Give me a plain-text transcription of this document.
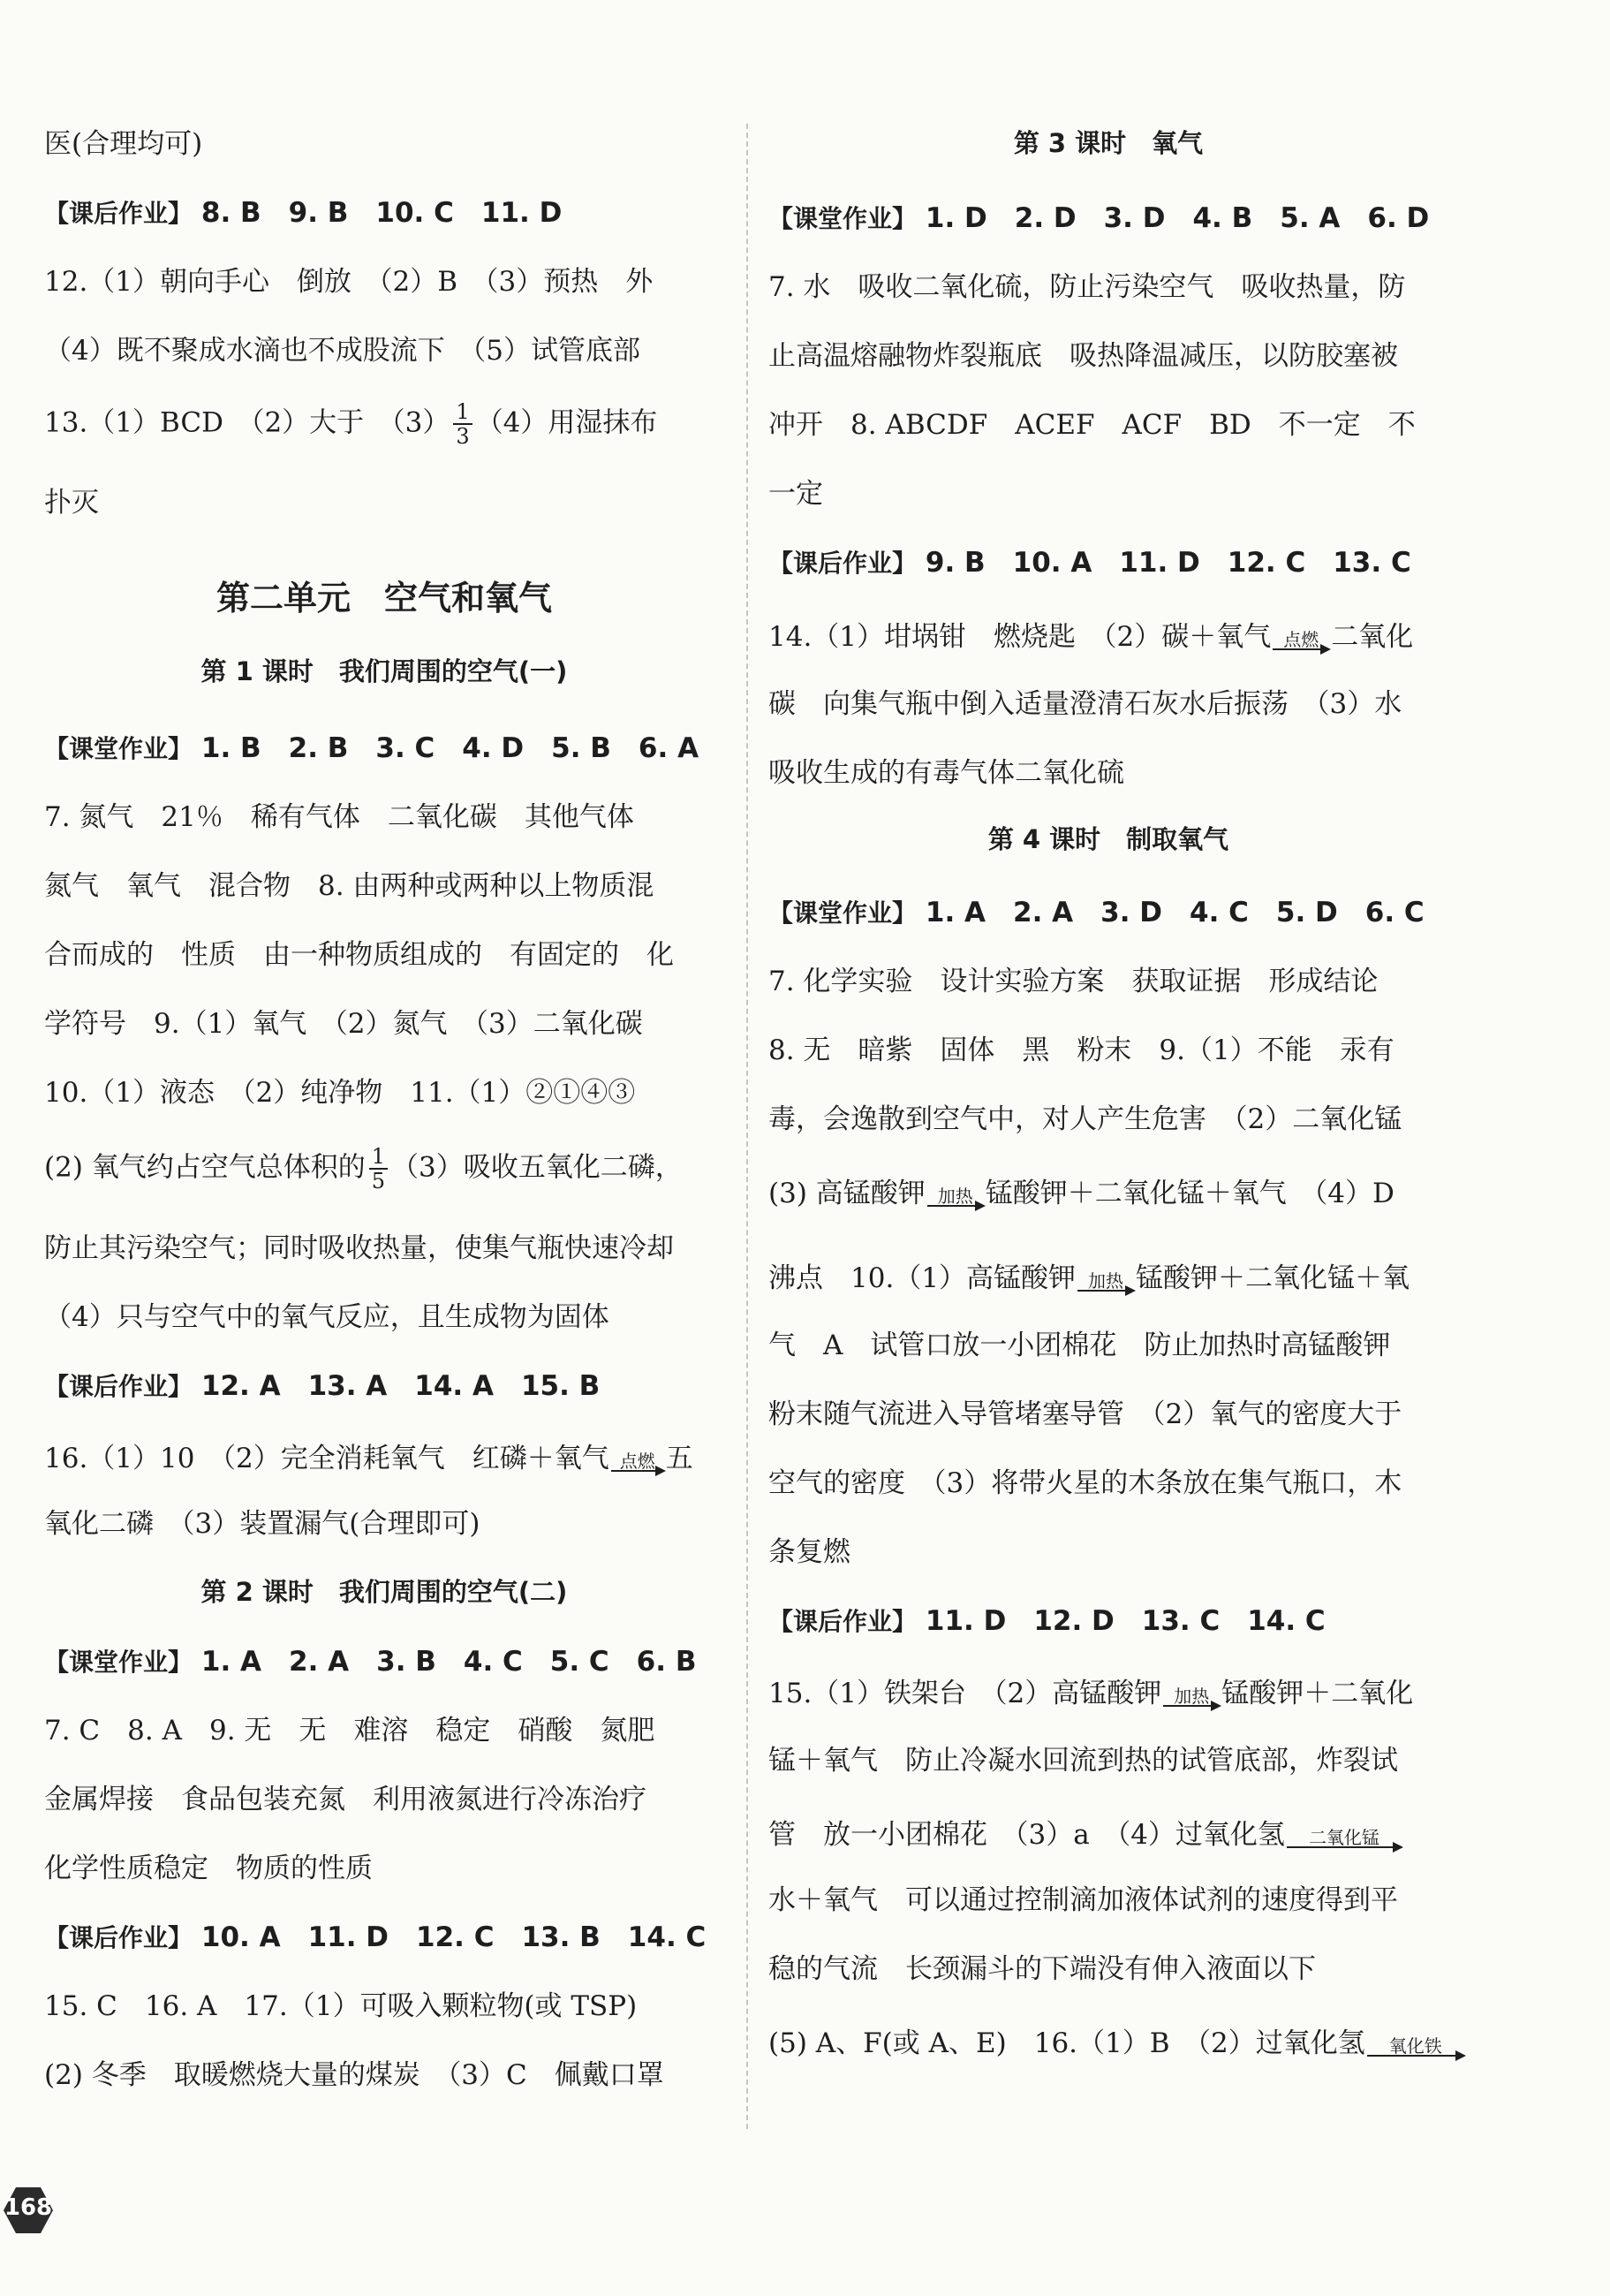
医(合理均可)
【课后作业】 8. B　9. B　10. C　11. D
12.（1）朝向手心　倒放　（2）B　（3）预热　外
（4）既不聚成水滴也不成股流下　（5）试管底部
13.（1）BCD　（2）大于　$(3) \frac{1}{3} (4)$用湿抹布
扑灭
第二单元　空气和氧气
第 1 课时　我们周围的空气(一)
【课堂作业】 1. B　2. B　3. C　4. D　5. B　6. A
7. 氮气　21％　稀有气体　二氧化碳　其他气体
氮气　氧气　混合物　8. 由两种或两种以上物质混
合而成的　性质　由一种物质组成的　有固定的　化
学符号　9.（1）氧气　（2）氮气　（3）二氧化碳
10.（1）液态　（2）纯净物　11.（1）②①④③
(2) 氧气约占空气总体积的 $\frac{1}{5} (3)$吸收五氧化二磷，
防止其污染空气；同时吸收热量，使集气瓶快速冷却
（4）只与空气中的氧气反应，且生成物为固体
【课后作业】 12. A　13. A　14. A　15. B
16.（1）10　（2）完全消耗氧气　红磷＋氧气 点燃 五
氧化二磷　（3）装置漏气(合理即可)
第 2 课时　我们周围的空气(二)
【课堂作业】 1. A　2. A　3. B　4. C　5. C　6. B
7. C　8. A　9. 无　无　难溶　稳定　硝酸　氮肥
金属焊接　食品包装充氮　利用液氮进行冷冻治疗
化学性质稳定　物质的性质
【课后作业】 10. A　11. D　12. C　13. B　14. C
15. C　16. A　17.（1）可吸入颗粒物(或 TSP)
(2) 冬季　取暖燃烧大量的煤炭　（3）C　佩戴口罩
第 3 课时　氧气
【课堂作业】 1. D　2. D　3. D　4. B　5. A　6. D
7. 水　吸收二氧化硫，防止污染空气　吸收热量，防
止高温熔融物炸裂瓶底　吸热降温减压，以防胶塞被
冲开　8. ABCDF　ACEF　ACF　BD　不一定　不
一定
【课后作业】 9. B　10. A　11. D　12. C　13. C
14.（1）坩埚钳　燃烧匙　（2）碳＋氧气 点燃 二氧化
碳　向集气瓶中倒入适量澄清石灰水后振荡　（3）水
吸收生成的有毒气体二氧化硫
第 4 课时　制取氧气
【课堂作业】 1. A　2. A　3. D　4. C　5. D　6. C
7. 化学实验　设计实验方案　获取证据　形成结论
8. 无　暗紫　固体　黑　粉末　9.（1）不能　汞有
毒，会逸散到空气中，对人产生危害　（2）二氧化锰
(3) 高锰酸钾 加热 锰酸钾＋二氧化锰＋氧气　（4）D
沸点　10.（1）高锰酸钾 加热 锰酸钾＋二氧化锰＋氧
气　A　试管口放一小团棉花　防止加热时高锰酸钾
粉末随气流进入导管堵塞导管　（2）氧气的密度大于
空气的密度　（3）将带火星的木条放在集气瓶口，木
条复燃
【课后作业】 11. D　12. D　13. C　14. C
15.（1）铁架台　（2）高锰酸钾 加热 锰酸钾＋二氧化
锰＋氧气　防止冷凝水回流到热的试管底部，炸裂试
管　放一小团棉花　（3）a　（4）过氧化氢	二氧化锰
水＋氧气　可以通过控制滴加液体试剂的速度得到平
稳的气流　长颈漏斗的下端没有伸入液面以下
(5) A、F(或 A、E)　16.（1）B　（2）过氧化氢	氧化铁
168
